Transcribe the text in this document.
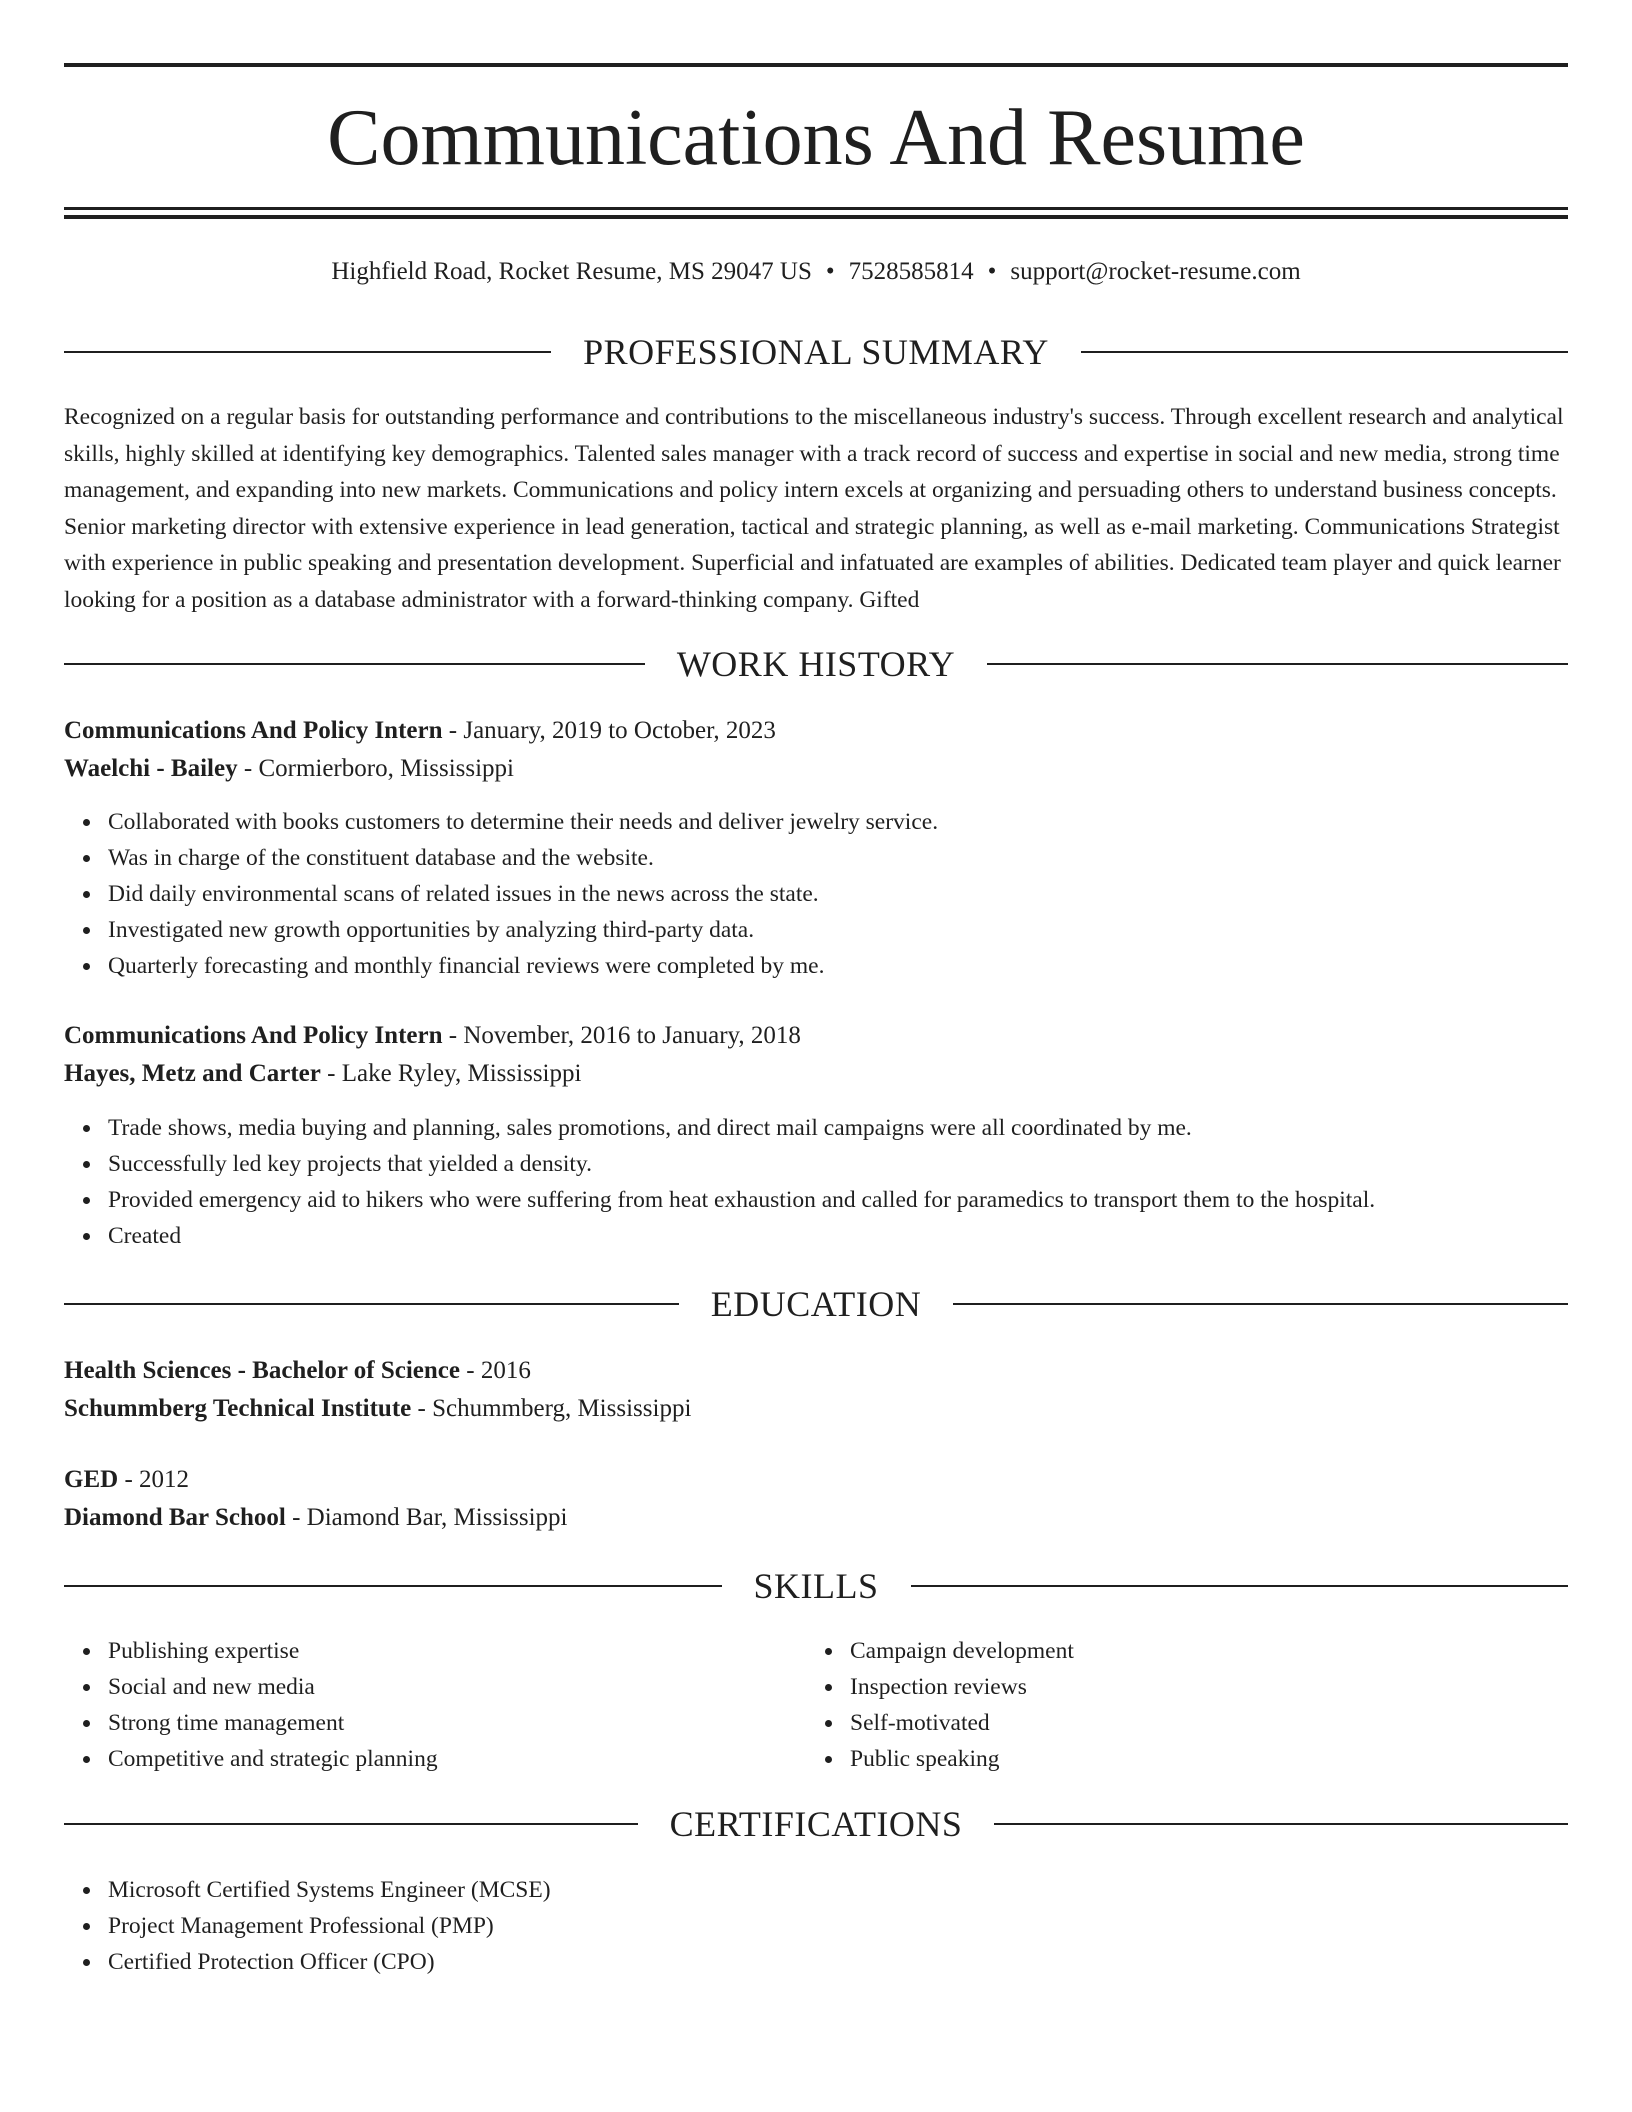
Communications And Resume
Highfield Road, Rocket Resume, MS 29047 US • 7528585814 • support@rocket-resume.com
PROFESSIONAL SUMMARY

Recognized on a regular basis for outstanding performance and contributions to the miscellaneous industry's success. Through excellent research and analytical skills, highly skilled at identifying key demographics. Talented sales manager with a track record of success and expertise in social and new media, strong time management, and expanding into new markets. Communications and policy intern excels at organizing and persuading others to understand business concepts. Senior marketing director with extensive experience in lead generation, tactical and strategic planning, as well as e-mail marketing. Communications Strategist with experience in public speaking and presentation development. Superficial and infatuated are examples of abilities. Dedicated team player and quick learner looking for a position as a database administrator with a forward-thinking company. Gifted

WORK HISTORY
Communications And Policy Intern - January, 2019 to October, 2023
Waelchi - Bailey - Cormierboro, Mississippi
Collaborated with books customers to determine their needs and deliver jewelry service.
Was in charge of the constituent database and the website.
Did daily environmental scans of related issues in the news across the state.
Investigated new growth opportunities by analyzing third-party data.
Quarterly forecasting and monthly financial reviews were completed by me.
Communications And Policy Intern - November, 2016 to January, 2018
Hayes, Metz and Carter - Lake Ryley, Mississippi
Trade shows, media buying and planning, sales promotions, and direct mail campaigns were all coordinated by me.
Successfully led key projects that yielded a density.
Provided emergency aid to hikers who were suffering from heat exhaustion and called for paramedics to transport them to the hospital.
Created
EDUCATION
Health Sciences - Bachelor of Science - 2016
Schummberg Technical Institute - Schummberg, Mississippi
GED - 2012
Diamond Bar School - Diamond Bar, Mississippi
SKILLS
Publishing expertise
Social and new media
Strong time management
Competitive and strategic planning
Campaign development
Inspection reviews
Self-motivated
Public speaking
CERTIFICATIONS
Microsoft Certified Systems Engineer (MCSE)
Project Management Professional (PMP)
Certified Protection Officer (CPO)
